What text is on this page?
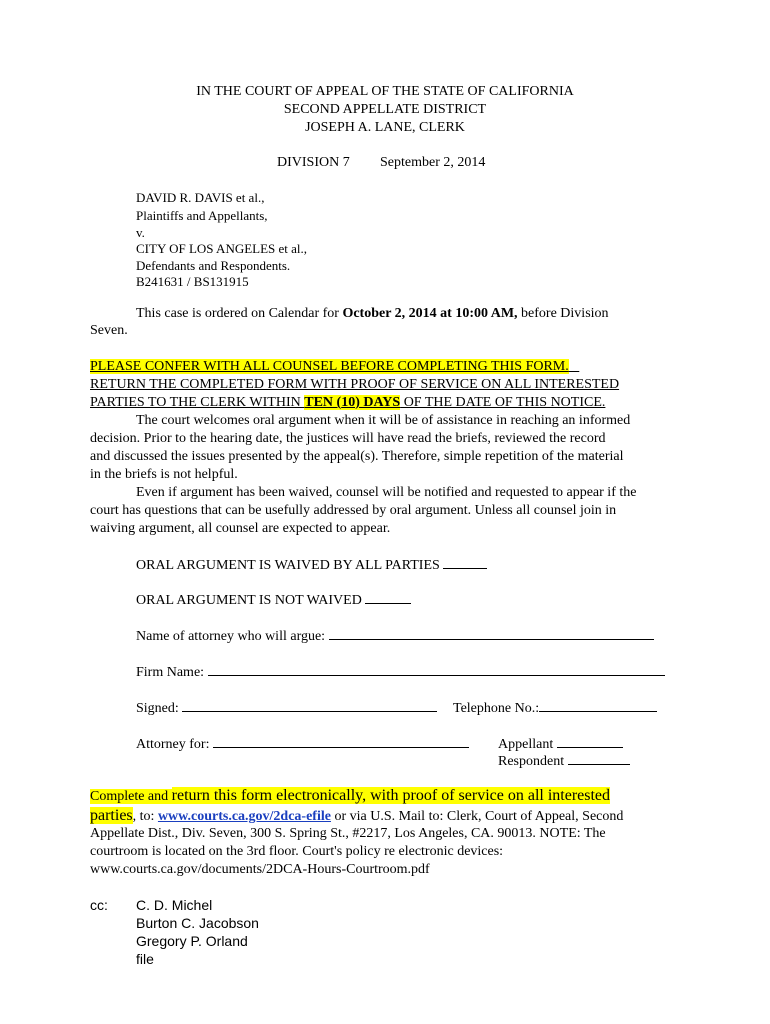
IN THE COURT OF APPEAL OF THE STATE OF CALIFORNIA
SECOND APPELLATE DISTRICT
JOSEPH A. LANE, CLERK
DIVISION 7 September 2, 2014
DAVID R. DAVIS et al.,
Plaintiffs and Appellants,
v.
CITY OF LOS ANGELES et al.,
Defendants and Respondents.
B241631 / BS131915
This case is ordered on Calendar for October 2, 2014 at 10:00 AM, before Division
Seven.
PLEASE CONFER WITH ALL COUNSEL BEFORE COMPLETING THIS FORM.
RETURN THE COMPLETED FORM WITH PROOF OF SERVICE ON ALL INTERESTED
PARTIES TO THE CLERK WITHIN TEN (10) DAYS OF THE DATE OF THIS NOTICE.
The court welcomes oral argument when it will be of assistance in reaching an informed
decision. Prior to the hearing date, the justices will have read the briefs, reviewed the record
and discussed the issues presented by the appeal(s). Therefore, simple repetition of the material
in the briefs is not helpful.
Even if argument has been waived, counsel will be notified and requested to appear if the
court has questions that can be usefully addressed by oral argument. Unless all counsel join in
waiving argument, all counsel are expected to appear.
ORAL ARGUMENT IS WAIVED BY ALL PARTIES
ORAL ARGUMENT IS NOT WAIVED
Name of attorney who will argue:
Firm Name:
Signed:	Telephone No.:
Attorney for:	Appellant
Respondent
Complete and return this form electronically, with proof of service on all interested
parties, to: www.courts.ca.gov/2dca-efile or via U.S. Mail to: Clerk, Court of Appeal, Second
Appellate Dist., Div. Seven, 300 S. Spring St., #2217, Los Angeles, CA. 90013. NOTE: The
courtroom is located on the 3rd floor. Court's policy re electronic devices:
www.courts.ca.gov/documents/2DCA-Hours-Courtroom.pdf
cc: C. D. Michel
Burton C. Jacobson
Gregory P. Orland
file
